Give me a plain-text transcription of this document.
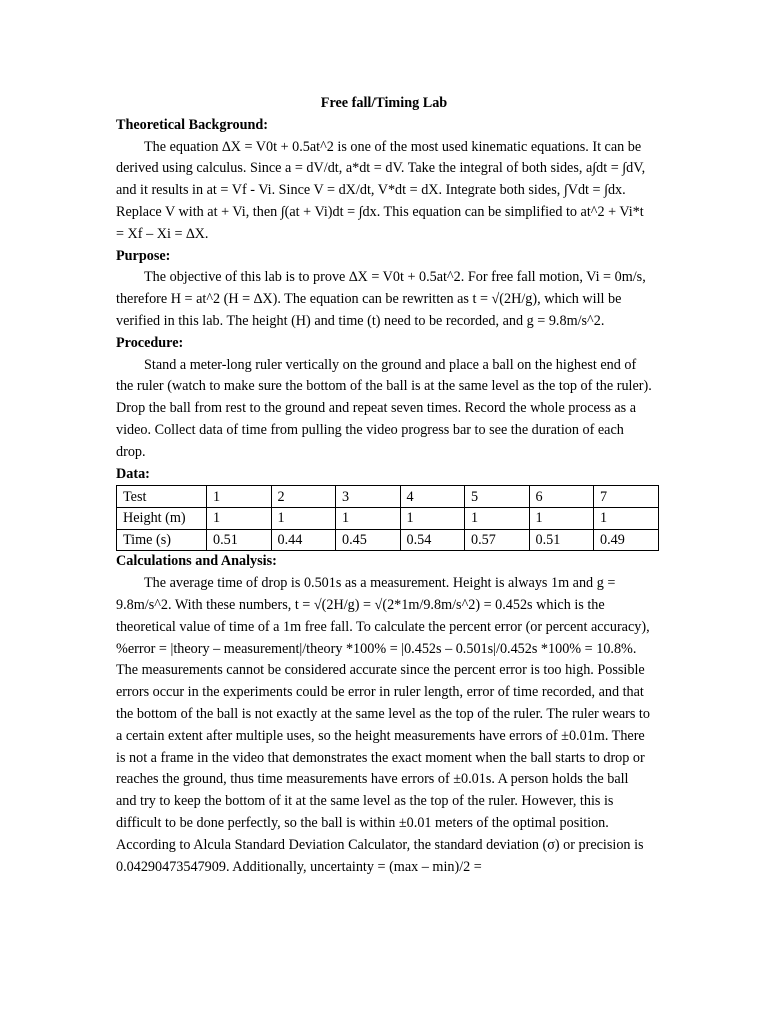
Free fall/Timing Lab

Theoretical Background:

The equation ∆X = V0t + 0.5at^2 is one of the most used kinematic equations. It can be derived using calculus. Since a = dV/dt, a*dt = dV. Take the integral of both sides, a∫dt = ∫dV, and it results in at = Vf - Vi. Since V = dX/dt, V*dt = dX. Integrate both sides, ∫Vdt = ∫dx. Replace V with at + Vi, then ∫(at + Vi)dt = ∫dx. This equation can be simplified to at^2 + Vi*t = Xf – Xi = ∆X.

Purpose:

The objective of this lab is to prove ∆X = V0t + 0.5at^2. For free fall motion, Vi = 0m/s, therefore H = at^2 (H = ∆X). The equation can be rewritten as t = √(2H/g), which will be verified in this lab. The height (H) and time (t) need to be recorded, and g = 9.8m/s^2.

Procedure:

Stand a meter-long ruler vertically on the ground and place a ball on the highest end of the ruler (watch to make sure the bottom of the ball is at the same level as the top of the ruler). Drop the ball from rest to the ground and repeat seven times. Record the whole process as a video. Collect data of time from pulling the video progress bar to see the duration of each drop.

Data:

Test	1	2	3	4	5	6	7
Height (m)	1	1	1	1	1	1	1
Time (s)	0.51	0.44	0.45	0.54	0.57	0.51	0.49

Calculations and Analysis:

The average time of drop is 0.501s as a measurement. Height is always 1m and g = 9.8m/s^2. With these numbers, t = √(2H/g) = √(2*1m/9.8m/s^2) = 0.452s which is the theoretical value of time of a 1m free fall. To calculate the percent error (or percent accuracy), %error = |theory – measurement|/theory *100% = |0.452s – 0.501s|/0.452s *100% = 10.8%. The measurements cannot be considered accurate since the percent error is too high. Possible errors occur in the experiments could be error in ruler length, error of time recorded, and that the bottom of the ball is not exactly at the same level as the top of the ruler. The ruler wears to a certain extent after multiple uses, so the height measurements have errors of ±0.01m. There is not a frame in the video that demonstrates the exact moment when the ball starts to drop or reaches the ground, thus time measurements have errors of ±0.01s. A person holds the ball and try to keep the bottom of it at the same level as the top of the ruler. However, this is difficult to be done perfectly, so the ball is within ±0.01 meters of the optimal position. According to Alcula Standard Deviation Calculator, the standard deviation (σ) or precision is 0.04290473547909. Additionally, uncertainty = (max – min)/2 =
